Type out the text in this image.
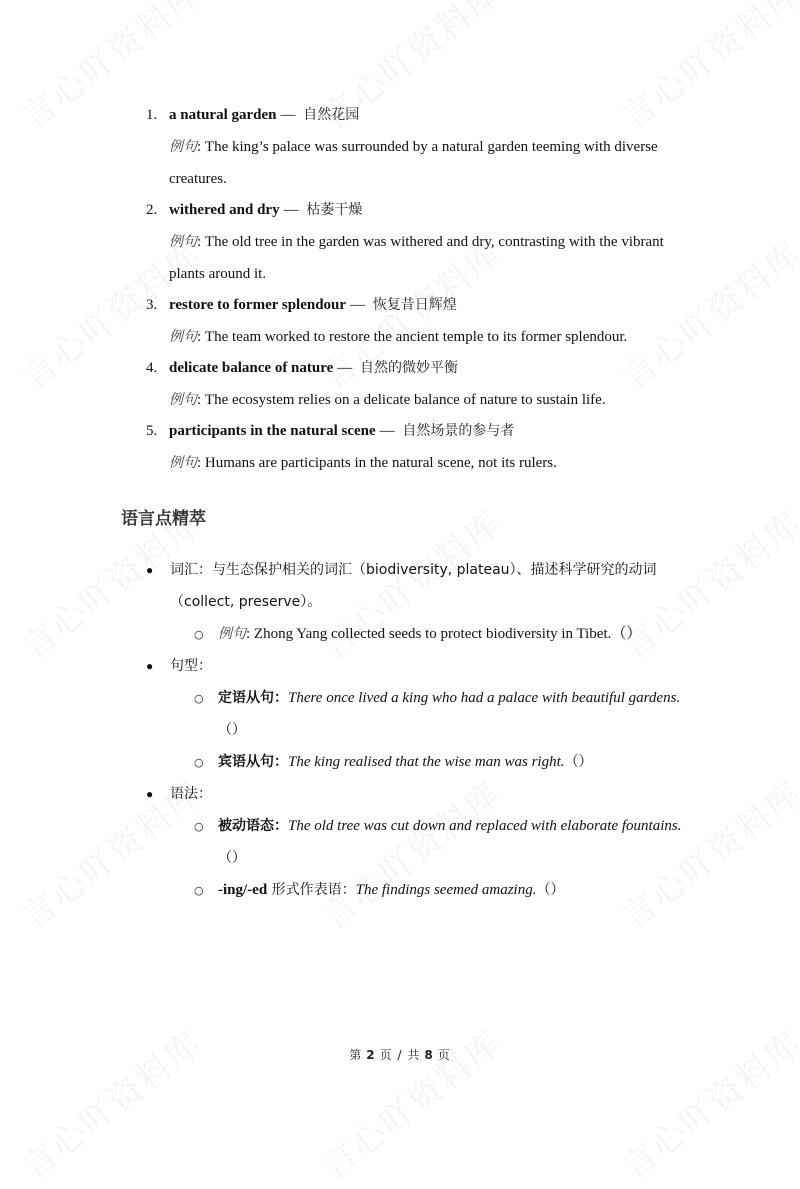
1. a natural garden — 自然花园
例句: The king’s palace was surrounded by a natural garden teeming with diverse creatures.
2. withered and dry — 枯萎干燥
例句: The old tree in the garden was withered and dry, contrasting with the vibrant plants around it.
3. restore to former splendour — 恢复昔日辉煌
例句: The team worked to restore the ancient temple to its former splendour.
4. delicate balance of nature — 自然的微妙平衡
例句: The ecosystem relies on a delicate balance of nature to sustain life.
5. participants in the natural scene — 自然场景的参与者
例句: Humans are participants in the natural scene, not its rulers.
语言点精萃
● 词汇：与生态保护相关的词汇（biodiversity, plateau）、描述科学研究的动词（collect, preserve）。
○ 例句: Zhong Yang collected seeds to protect biodiversity in Tibet.（）
● 句型：
○ 定语从句：There once lived a king who had a palace with beautiful gardens.（）
○ 宾语从句：The king realised that the wise man was right.（）
● 语法：
○ 被动语态：The old tree was cut down and replaced with elaborate fountains.（）
○ -ing/-ed 形式作表语：The findings seemed amazing.（）
第 2 页 / 共 8 页
